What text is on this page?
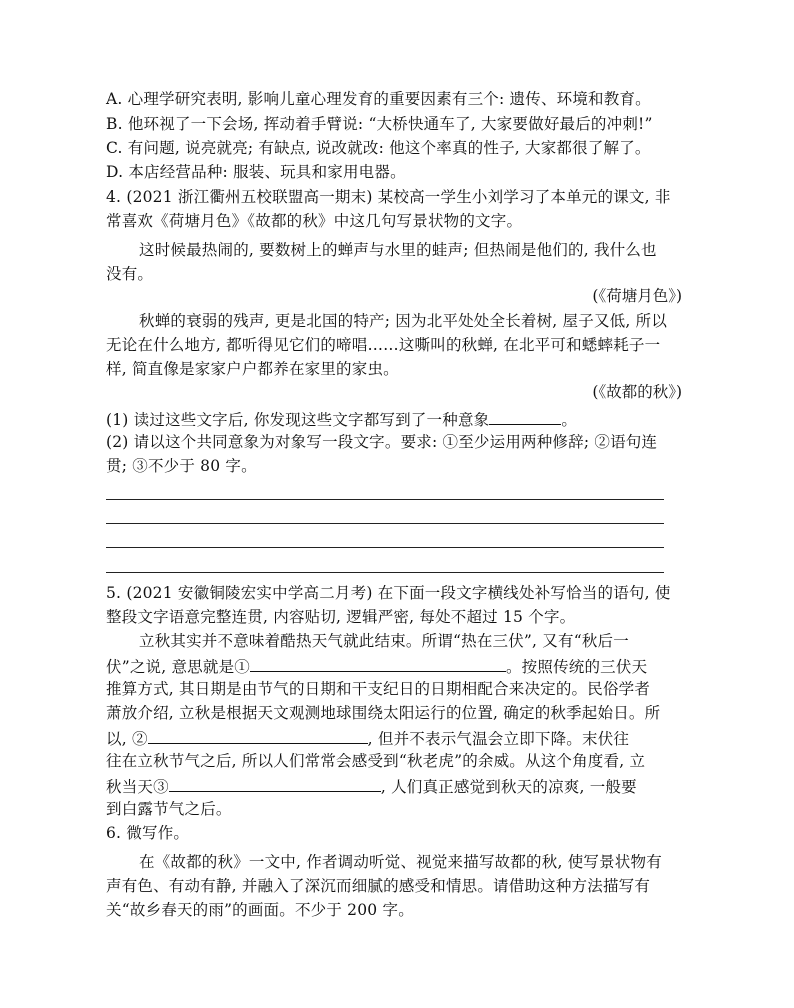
A. 心理学研究表明, 影响儿童心理发育的重要因素有三个: 遗传、环境和教育。
B. 他环视了一下会场, 挥动着手臂说: “大桥快通车了, 大家要做好最后的冲刺!”
C. 有问题, 说亮就亮; 有缺点, 说改就改: 他这个率真的性子, 大家都很了解了。
D. 本店经营品种: 服装、玩具和家用电器。
4. (2021 浙江衢州五校联盟高一期末) 某校高一学生小刘学习了本单元的课文, 非
常喜欢《荷塘月色》《故都的秋》中这几句写景状物的文字。
这时候最热闹的, 要数树上的蝉声与水里的蛙声; 但热闹是他们的, 我什么也
没有。
(《荷塘月色》)
秋蝉的衰弱的残声, 更是北国的特产; 因为北平处处全长着树, 屋子又低, 所以
无论在什么地方, 都听得见它们的啼唱……这嘶叫的秋蝉, 在北平可和蟋蟀耗子一
样, 简直像是家家户户都养在家里的家虫。
(《故都的秋》)
(1) 读过这些文字后, 你发现这些文字都写到了一种意象	。
(2) 请以这个共同意象为对象写一段文字。要求: ①至少运用两种修辞; ②语句连
贯; ③不少于 80 字。
5. (2021 安徽铜陵宏实中学高二月考) 在下面一段文字横线处补写恰当的语句, 使
整段文字语意完整连贯, 内容贴切, 逻辑严密, 每处不超过 15 个字。
立秋其实并不意味着酷热天气就此结束。所谓“热在三伏”, 又有“秋后一
伏”之说, 意思就是①	。按照传统的三伏天
推算方式, 其日期是由节气的日期和干支纪日的日期相配合来决定的。民俗学者
萧放介绍, 立秋是根据天文观测地球围绕太阳运行的位置, 确定的秋季起始日。所
以, ②	, 但并不表示气温会立即下降。末伏往
往在立秋节气之后, 所以人们常常会感受到“秋老虎”的余威。从这个角度看, 立
秋当天③	, 人们真正感觉到秋天的凉爽, 一般要
到白露节气之后。
6. 微写作。
在《故都的秋》一文中, 作者调动听觉、视觉来描写故都的秋, 使写景状物有
声有色、有动有静, 并融入了深沉而细腻的感受和情思。请借助这种方法描写有
关“故乡春天的雨”的画面。不少于 200 字。
